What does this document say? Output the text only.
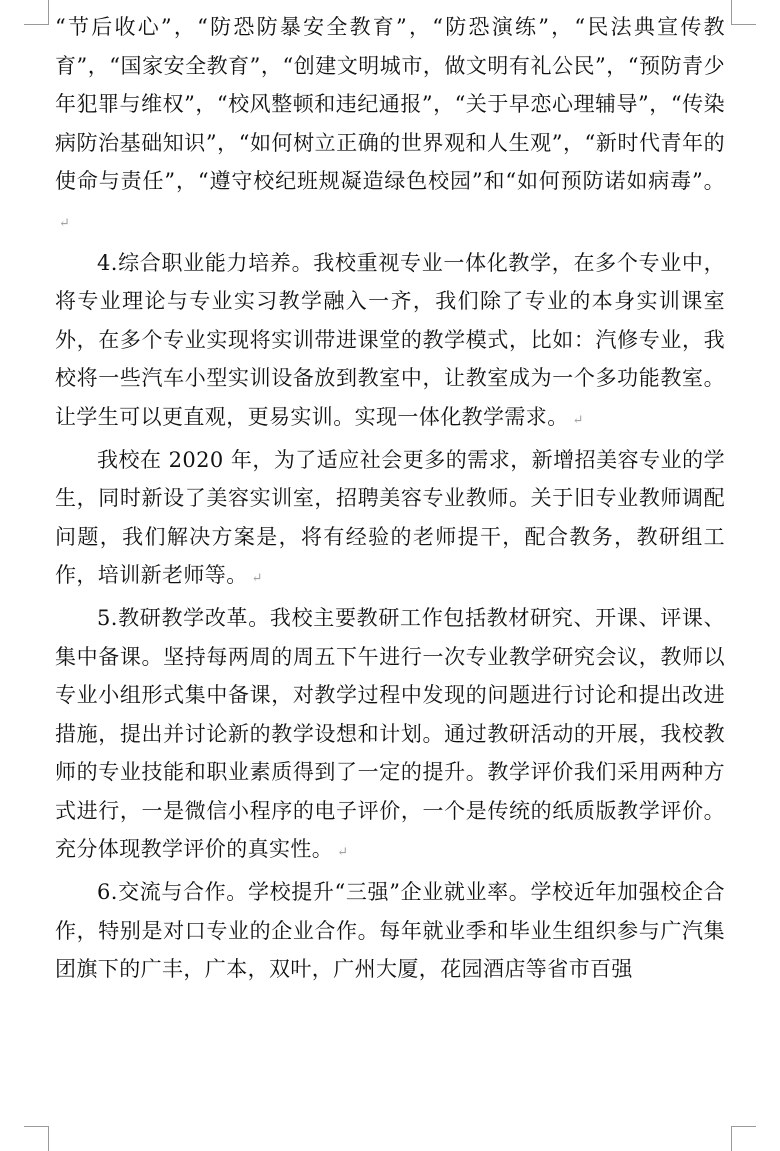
“节后收心”，“防恐防暴安全教育”，“防恐演练”，“民法典宣传教育”，“国家安全教育”，“创建文明城市，做文明有礼公民”，“预防青少年犯罪与维权”，“校风整顿和违纪通报”，“关于早恋心理辅导”，“传染病防治基础知识”，“如何树立正确的世界观和人生观”，“新时代青年的使命与责任”，“遵守校纪班规凝造绿色校园”和“如何预防诺如病毒”。↵

4.综合职业能力培养。我校重视专业一体化教学，在多个专业中，将专业理论与专业实习教学融入一齐，我们除了专业的本身实训课室外，在多个专业实现将实训带进课堂的教学模式，比如：汽修专业，我校将一些汽车小型实训设备放到教室中，让教室成为一个多功能教室。让学生可以更直观，更易实训。实现一体化教学需求。 ↵

我校在 2020 年，为了适应社会更多的需求，新增招美容专业的学生，同时新设了美容实训室，招聘美容专业教师。关于旧专业教师调配问题，我们解决方案是，将有经验的老师提干，配合教务，教研组工作，培训新老师等。 ↵

5.教研教学改革。我校主要教研工作包括教材研究、开课、评课、集中备课。坚持每两周的周五下午进行一次专业教学研究会议，教师以专业小组形式集中备课，对教学过程中发现的问题进行讨论和提出改进措施，提出并讨论新的教学设想和计划。通过教研活动的开展，我校教师的专业技能和职业素质得到了一定的提升。教学评价我们采用两种方式进行，一是微信小程序的电子评价，一个是传统的纸质版教学评价。充分体现教学评价的真实性。 ↵

6.交流与合作。学校提升“三强”企业就业率。学校近年加强校企合作，特别是对口专业的企业合作。每年就业季和毕业生组织参与广汽集团旗下的广丰，广本，双叶，广州大厦，花园酒店等省市百强
